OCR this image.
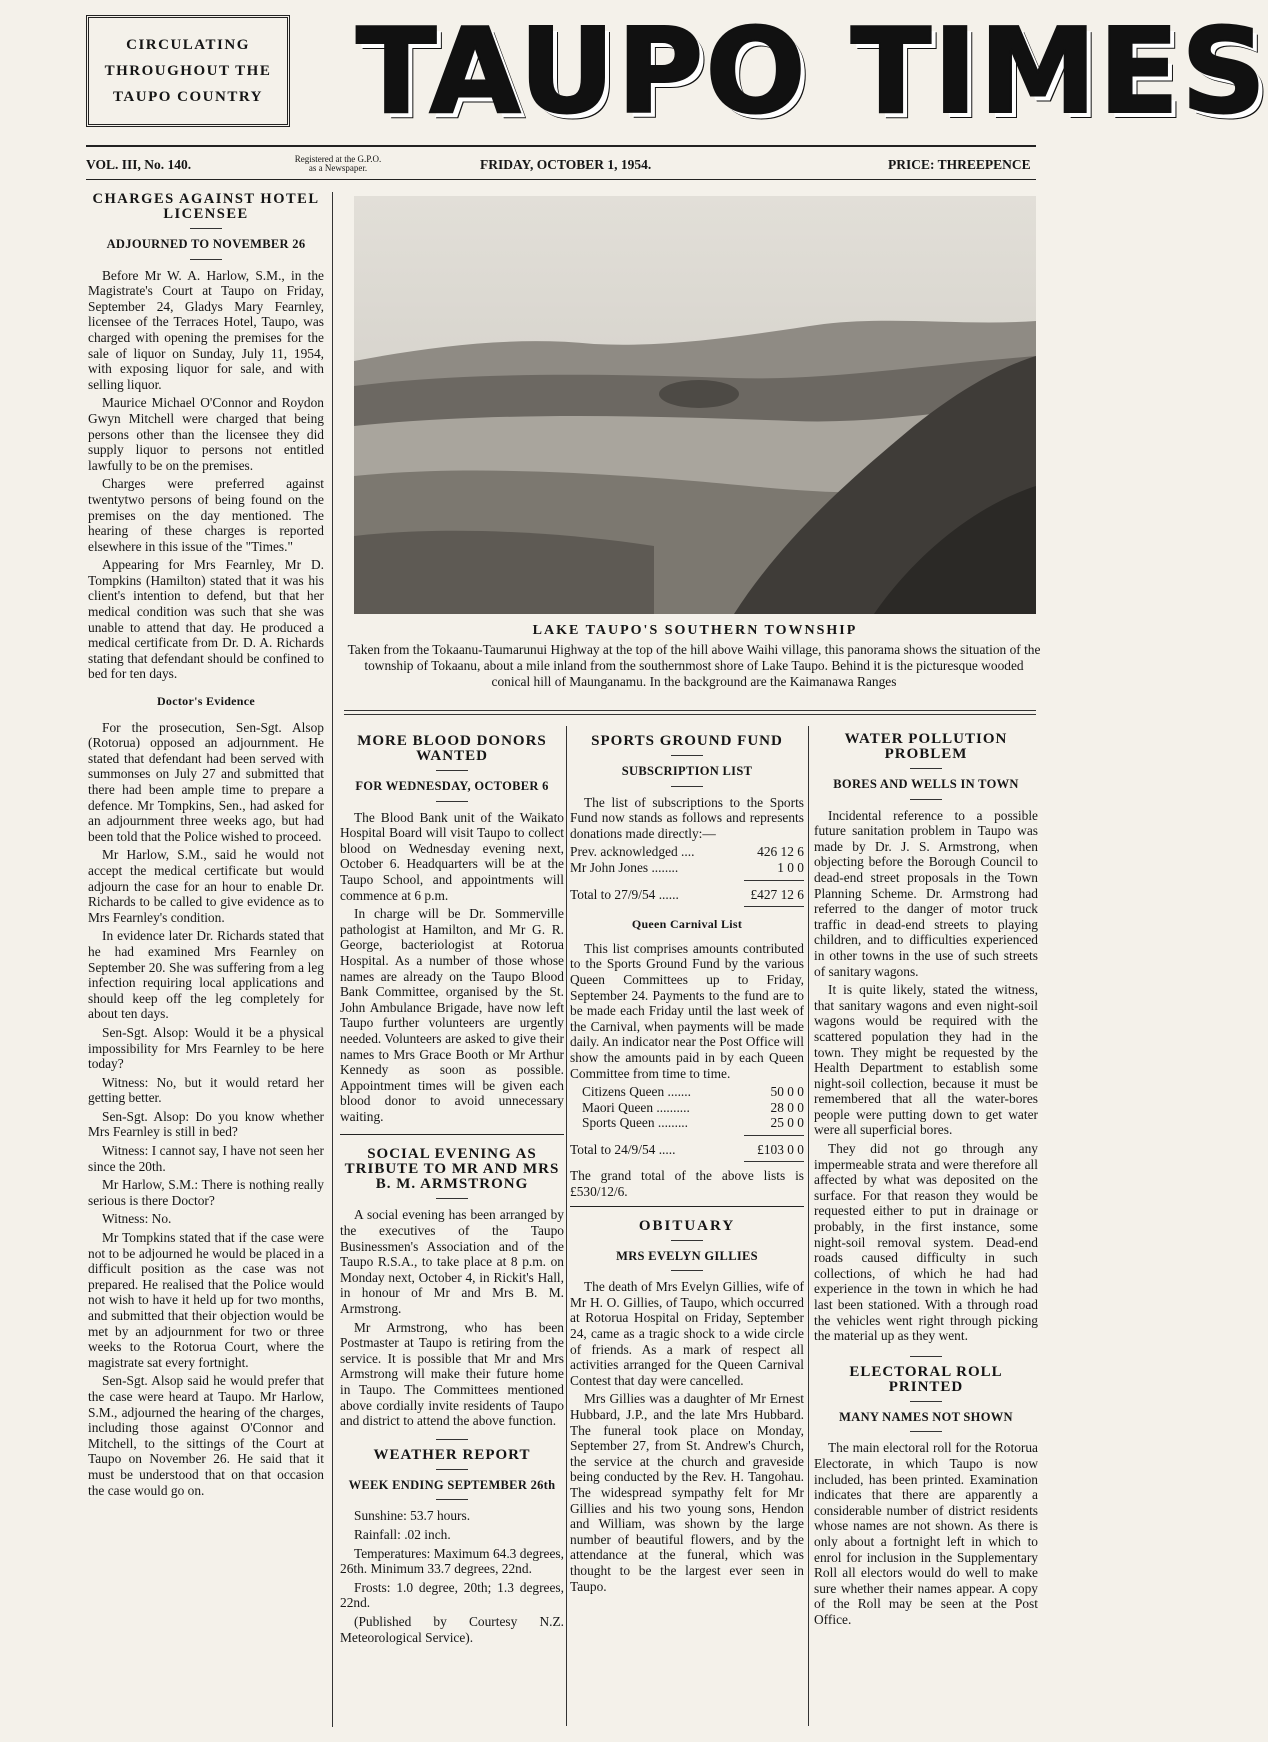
CIRCULATING
THROUGHOUT THE
TAUPO COUNTRY TAUPO TIMES
VOL. III, No. 140.	Registered at the G.P.O.
as a Newspaper.	FRIDAY, OCTOBER 1, 1954.	PRICE: THREEPENCE
CHARGES AGAINST HOTEL LICENSEE
ADJOURNED TO NOVEMBER 26

Before Mr W. A. Harlow, S.M., in the Magistrate's Court at Taupo on Friday, September 24, Gladys Mary Fearnley, licensee of the Terraces Hotel, Taupo, was charged with opening the premises for the sale of liquor on Sunday, July 11, 1954, with exposing liquor for sale, and with selling liquor.

Maurice Michael O'Connor and Roydon Gwyn Mitchell were charged that being persons other than the licensee they did supply liquor to persons not entitled lawfully to be on the premises.

Charges were preferred against twentytwo persons of being found on the premises on the day mentioned. The hearing of these charges is reported elsewhere in this issue of the "Times."

Appearing for Mrs Fearnley, Mr D. Tompkins (Hamilton) stated that it was his client's intention to defend, but that her medical condition was such that she was unable to attend that day. He produced a medical certificate from Dr. D. A. Richards stating that defendant should be confined to bed for ten days.

Doctor's Evidence

For the prosecution, Sen-Sgt. Alsop (Rotorua) opposed an adjournment. He stated that defendant had been served with summonses on July 27 and submitted that there had been ample time to prepare a defence. Mr Tompkins, Sen., had asked for an adjournment three weeks ago, but had been told that the Police wished to proceed.

Mr Harlow, S.M., said he would not accept the medical certificate but would adjourn the case for an hour to enable Dr. Richards to be called to give evidence as to Mrs Fearnley's condition.

In evidence later Dr. Richards stated that he had examined Mrs Fearnley on September 20. She was suffering from a leg infection requiring local applications and should keep off the leg completely for about ten days.

Sen-Sgt. Alsop: Would it be a physical impossibility for Mrs Fearnley to be here today?

Witness: No, but it would retard her getting better.

Sen-Sgt. Alsop: Do you know whether Mrs Fearnley is still in bed?

Witness: I cannot say, I have not seen her since the 20th.

Mr Harlow, S.M.: There is nothing really serious is there Doctor?

Witness: No.

Mr Tompkins stated that if the case were not to be adjourned he would be placed in a difficult position as the case was not prepared. He realised that the Police would not wish to have it held up for two months, and submitted that their objection would be met by an adjournment for two or three weeks to the Rotorua Court, where the magistrate sat every fortnight.

Sen-Sgt. Alsop said he would prefer that the case were heard at Taupo. Mr Harlow, S.M., adjourned the hearing of the charges, including those against O'Connor and Mitchell, to the sittings of the Court at Taupo on November 26. He said that it must be understood that on that occasion the case would go on.

LAKE TAUPO'S SOUTHERN TOWNSHIP
Taken from the Tokaanu-Taumarunui Highway at the top of the hill above Waihi village, this panorama shows the situation of the township of Tokaanu, about a mile inland from the southernmost shore of Lake Taupo. Behind it is the picturesque wooded conical hill of Maunganamu. In the background are the Kaimanawa Ranges
MORE BLOOD DONORS WANTED
FOR WEDNESDAY, OCTOBER 6

The Blood Bank unit of the Waikato Hospital Board will visit Taupo to collect blood on Wednesday evening next, October 6. Headquarters will be at the Taupo School, and appointments will commence at 6 p.m.

In charge will be Dr. Sommerville pathologist at Hamilton, and Mr G. R. George, bacteriologist at Rotorua Hospital. As a number of those whose names are already on the Taupo Blood Bank Committee, organised by the St. John Ambulance Brigade, have now left Taupo further volunteers are urgently needed. Volunteers are asked to give their names to Mrs Grace Booth or Mr Arthur Kennedy as soon as possible. Appointment times will be given each blood donor to avoid unnecessary waiting.

SOCIAL EVENING AS TRIBUTE TO MR AND MRS B. M. ARMSTRONG

A social evening has been arranged by the executives of the Taupo Businessmen's Association and of the Taupo R.S.A., to take place at 8 p.m. on Monday next, October 4, in Rickit's Hall, in honour of Mr and Mrs B. M. Armstrong.

Mr Armstrong, who has been Postmaster at Taupo is retiring from the service. It is possible that Mr and Mrs Armstrong will make their future home in Taupo. The Committees mentioned above cordially invite residents of Taupo and district to attend the above function.

WEATHER REPORT
WEEK ENDING SEPTEMBER 26th

Sunshine: 53.7 hours.

Rainfall: .02 inch.

Temperatures: Maximum 64.3 degrees, 26th. Minimum 33.7 degrees, 22nd.

Frosts: 1.0 degree, 20th; 1.3 degrees, 22nd.

(Published by Courtesy N.Z. Meteorological Service).

SPORTS GROUND FUND
SUBSCRIPTION LIST

The list of subscriptions to the Sports Fund now stands as follows and represents donations made directly:—

Prev. acknowledged ....	426 12 6
Mr John Jones ........	1 0 0
Total to 27/9/54 ......	£427 12 6
Queen Carnival List

This list comprises amounts contributed to the Sports Ground Fund by the various Queen Committees up to Friday, September 24. Payments to the fund are to be made each Friday until the last week of the Carnival, when payments will be made daily. An indicator near the Post Office will show the amounts paid in by each Queen Committee from time to time.

Citizens Queen .......	50 0 0
Maori Queen ..........	28 0 0
Sports Queen .........	25 0 0
Total to 24/9/54 .....	£103 0 0

The grand total of the above lists is £530/12/6.

OBITUARY
MRS EVELYN GILLIES

The death of Mrs Evelyn Gillies, wife of Mr H. O. Gillies, of Taupo, which occurred at Rotorua Hospital on Friday, September 24, came as a tragic shock to a wide circle of friends. As a mark of respect all activities arranged for the Queen Carnival Contest that day were cancelled.

Mrs Gillies was a daughter of Mr Ernest Hubbard, J.P., and the late Mrs Hubbard. The funeral took place on Monday, September 27, from St. Andrew's Church, the service at the church and graveside being conducted by the Rev. H. Tangohau. The widespread sympathy felt for Mr Gillies and his two young sons, Hendon and William, was shown by the large number of beautiful flowers, and by the attendance at the funeral, which was thought to be the largest ever seen in Taupo.

WATER POLLUTION PROBLEM
BORES AND WELLS IN TOWN

Incidental reference to a possible future sanitation problem in Taupo was made by Dr. J. S. Armstrong, when objecting before the Borough Council to dead-end street proposals in the Town Planning Scheme. Dr. Armstrong had referred to the danger of motor truck traffic in dead-end streets to playing children, and to difficulties experienced in other towns in the use of such streets of sanitary wagons.

It is quite likely, stated the witness, that sanitary wagons and even night-soil wagons would be required with the scattered population they had in the town. They might be requested by the Health Department to establish some night-soil collection, because it must be remembered that all the water-bores people were putting down to get water were all superficial bores.

They did not go through any impermeable strata and were therefore all affected by what was deposited on the surface. For that reason they would be requested either to put in drainage or probably, in the first instance, some night-soil removal system. Dead-end roads caused difficulty in such collections, of which he had had experience in the town in which he had last been stationed. With a through road the vehicles went right through picking the material up as they went.

ELECTORAL ROLL PRINTED
MANY NAMES NOT SHOWN

The main electoral roll for the Rotorua Electorate, in which Taupo is now included, has been printed. Examination indicates that there are apparently a considerable number of district residents whose names are not shown. As there is only about a fortnight left in which to enrol for inclusion in the Supplementary Roll all electors would do well to make sure whether their names appear. A copy of the Roll may be seen at the Post Office.
